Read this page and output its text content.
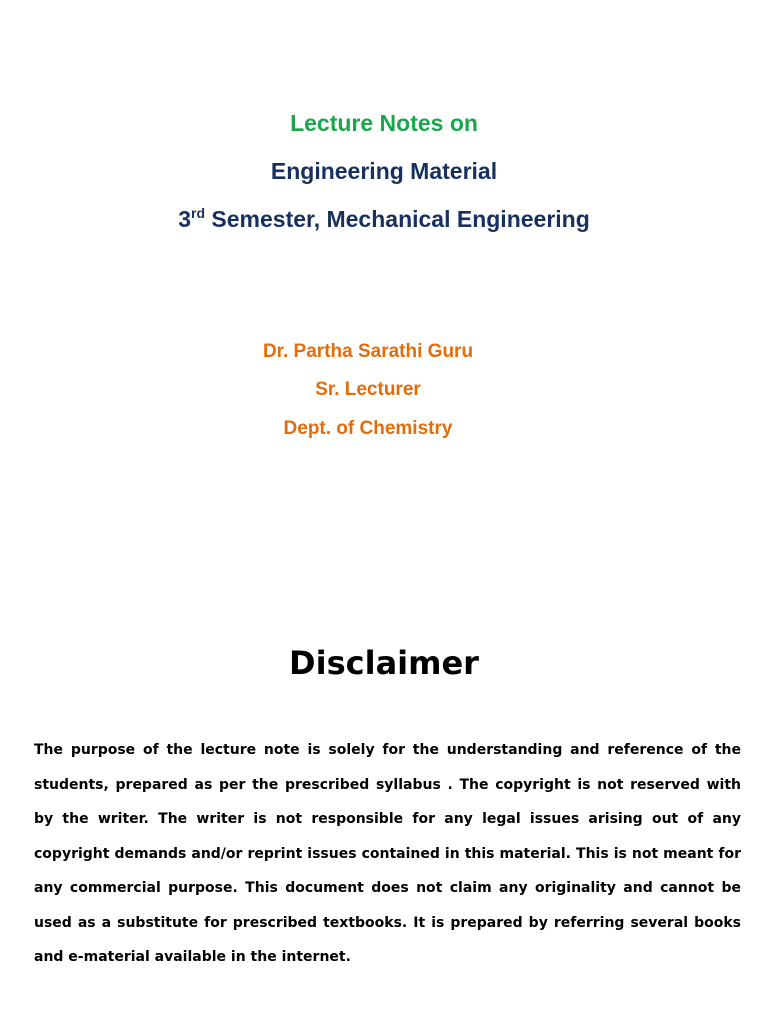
Lecture Notes on

Engineering Material

3rd Semester, Mechanical Engineering

Dr. Partha Sarathi Guru

Sr. Lecturer

Dept. of Chemistry

Disclaimer

The purpose of the lecture note is solely for the understanding and reference of the students, prepared as per the prescribed syllabus . The copyright is not reserved with by the writer. The writer is not responsible for any legal issues arising out of any copyright demands and/or reprint issues contained in this material. This is not meant for any commercial purpose. This document does not claim any originality and cannot be used as a substitute for prescribed textbooks. It is prepared by referring several books and e-material available in the internet.
